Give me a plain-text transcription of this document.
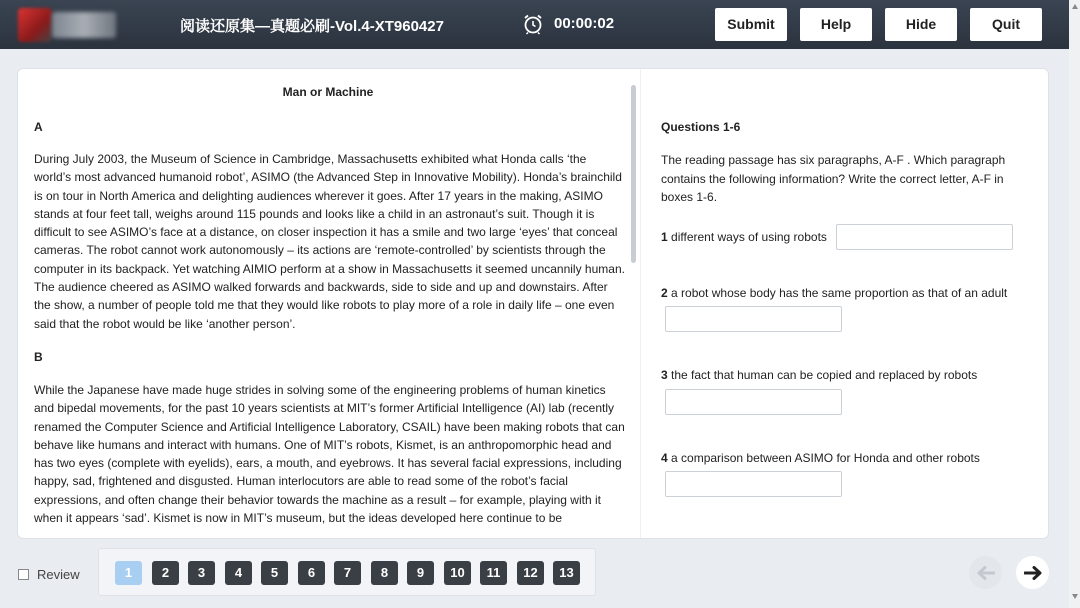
阅读还原集—真题必刷-Vol.4-XT960427	00:00:02	Submit	Help	Hide	Quit
Man or Machine
A
During July 2003, the Museum of Science in Cambridge, Massachusetts exhibited what Honda calls ‘the world’s most advanced humanoid robot’, ASIMO (the Advanced Step in Innovative Mobility). Honda’s brainchild is on tour in North America and delighting audiences wherever it goes. After 17 years in the making, ASIMO stands at four feet tall, weighs around 115 pounds and looks like a child in an astronaut’s suit. Though it is difficult to see ASIMO’s face at a distance, on closer inspection it has a smile and two large ‘eyes’ that conceal cameras. The robot cannot work autonomously – its actions are ‘remote-controlled’ by scientists through the computer in its backpack. Yet watching AIMIO perform at a show in Massachusetts it seemed uncannily human. The audience cheered as ASIMO walked forwards and backwards, side to side and up and downstairs. After the show, a number of people told me that they would like robots to play more of a role in daily life – one even said that the robot would be like ‘another person’.
B
While the Japanese have made huge strides in solving some of the engineering problems of human kinetics and bipedal movements, for the past 10 years scientists at MIT’s former Artificial Intelligence (AI) lab (recently renamed the Computer Science and Artificial Intelligence Laboratory, CSAIL) have been making robots that can behave like humans and interact with humans. One of MIT’s robots, Kismet, is an anthropomorphic head and has two eyes (complete with eyelids), ears, a mouth, and eyebrows. It has several facial expressions, including happy, sad, frightened and disgusted. Human interlocutors are able to read some of the robot’s facial expressions, and often change their behavior towards the machine as a result – for example, playing with it when it appears ‘sad’. Kismet is now in MIT’s museum, but the ideas developed here continue to be
Questions 1-6
The reading passage has six paragraphs, A-F . Which paragraph contains the following information? Write the correct letter, A-F in boxes 1-6.
1 different ways of using robots
2 a robot whose body has the same proportion as that of an adult
3 the fact that human can be copied and replaced by robots
4 a comparison between ASIMO for Honda and other robots
Review	1	2	3	4	5	6	7	8	9	10	11	12	13
